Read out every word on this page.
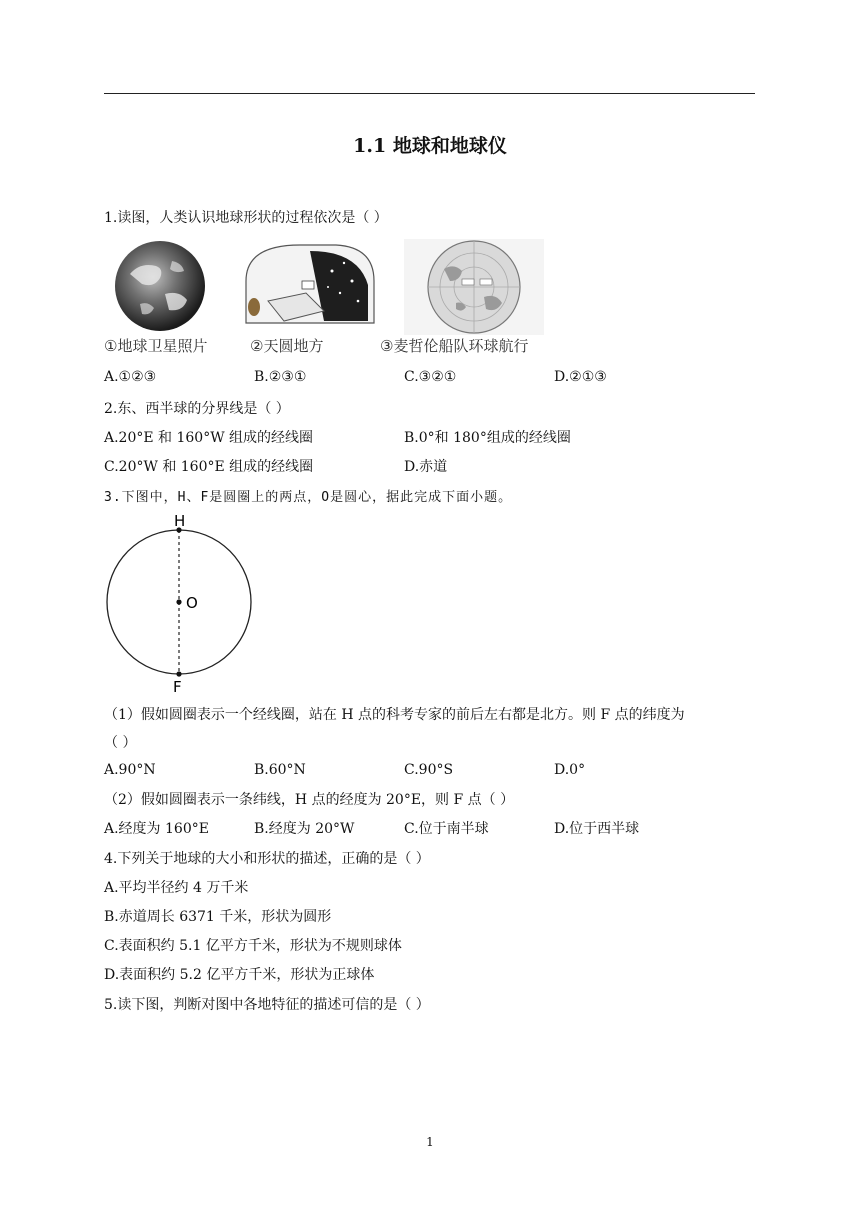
1.1 地球和地球仪
1.读图，人类认识地球形状的过程依次是（ ）
①地球卫星照片	②天圆地方	③麦哲伦船队环球航行
A.①②③	B.②③①	C.③②①	D.②①③
2.东、西半球的分界线是（ ）
A.20°E 和 160°W 组成的经线圈	B.0°和 180°组成的经线圈
C.20°W 和 160°E 组成的经线圈	D.赤道
3.下图中，H、F是圆圈上的两点，O是圆心，据此完成下面小题。
H
O
F
（1）假如圆圈表示一个经线圈，站在 H 点的科考专家的前后左右都是北方。则 F 点的纬度为
（ ）
A.90°N	B.60°N	C.90°S	D.0°
（2）假如圆圈表示一条纬线，H 点的经度为 20°E，则 F 点（ ）
A.经度为 160°E	B.经度为 20°W	C.位于南半球	D.位于西半球
4.下列关于地球的大小和形状的描述，正确的是（ ）
A.平均半径约 4 万千米
B.赤道周长 6371 千米，形状为圆形
C.表面积约 5.1 亿平方千米，形状为不规则球体
D.表面积约 5.2 亿平方千米，形状为正球体
5.读下图，判断对图中各地特征的描述可信的是（ ）
1
